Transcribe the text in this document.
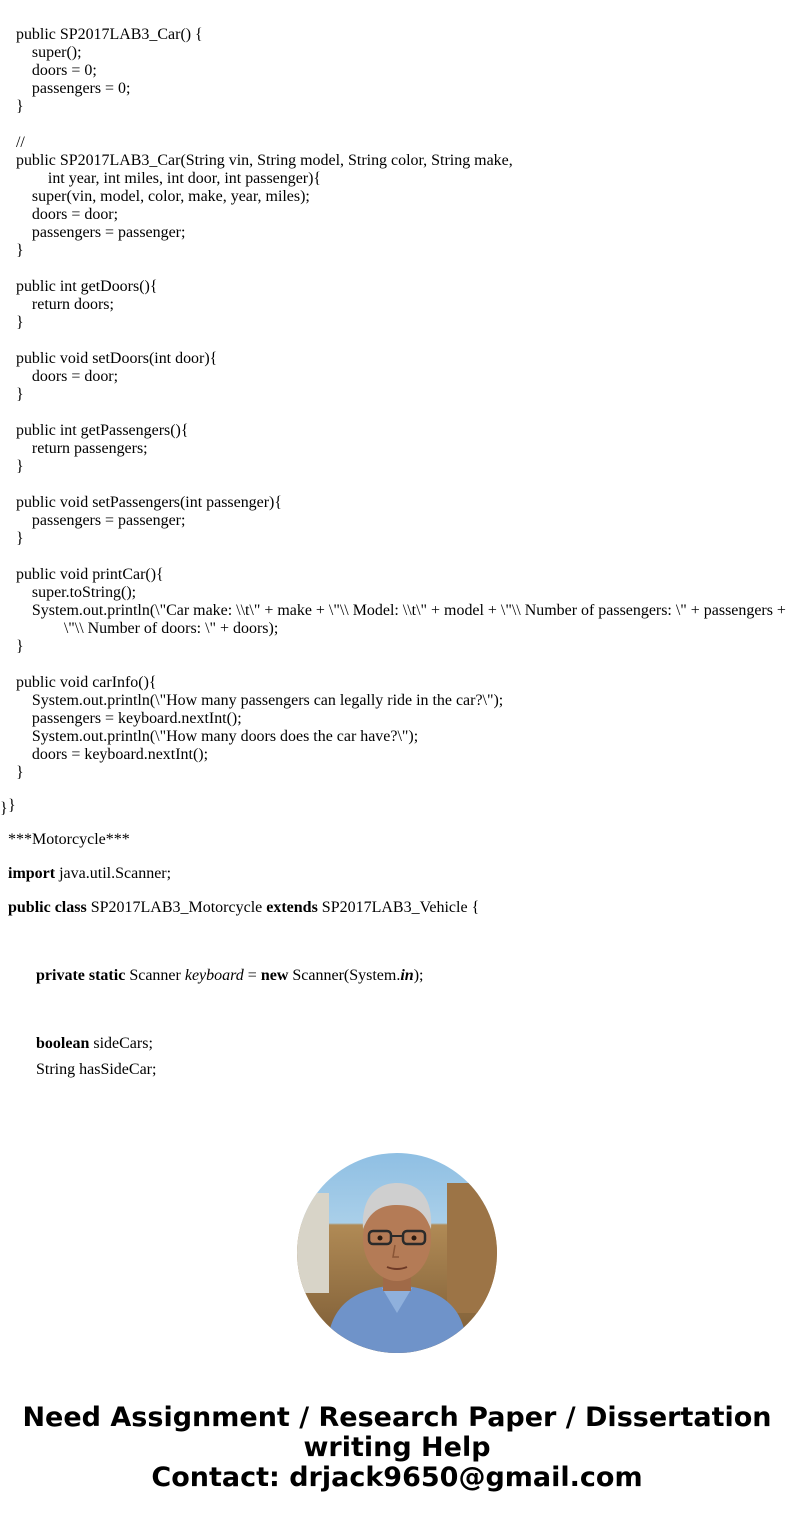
public SP2017LAB3_Car() {
super();
doors = 0;
passengers = 0;
}
//
public SP2017LAB3_Car(String vin, String model, String color, String make,
int year, int miles, int door, int passenger){
super(vin, model, color, make, year, miles);
doors = door;
passengers = passenger;
}
public int getDoors(){
return doors;
}
public void setDoors(int door){
doors = door;
}
public int getPassengers(){
return passengers;
}
public void setPassengers(int passenger){
passengers = passenger;
}
public void printCar(){
super.toString();
System.out.println(\"Car make: \\t\" + make + \"\\ Model: \\t\" + model + \"\\ Number of passengers: \" + passengers +
\"\\ Number of doors: \" + doors);
}
public void carInfo(){
System.out.println(\"How many passengers can legally ride in the car?\");
passengers = keyboard.nextInt();
System.out.println(\"How many doors does the car have?\");
doors = keyboard.nextInt();
}
} }

***Motorcycle***

import java.util.Scanner;

public class SP2017LAB3_Motorcycle extends SP2017LAB3_Vehicle {

private static Scanner keyboard = new Scanner(System.in);

boolean sideCars;

String hasSideCar;

Need Assignment / Research Paper / Dissertation
writing Help
Contact: drjack9650@gmail.com
